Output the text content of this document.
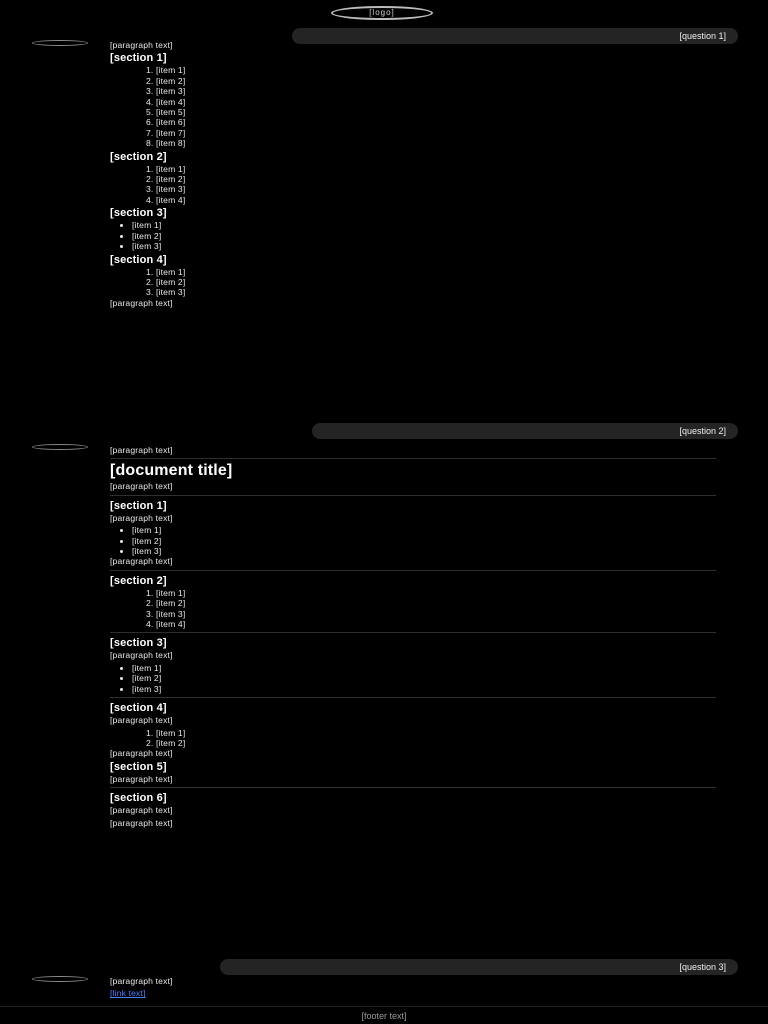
[logo]
[question 1]

[paragraph text]

[section 1]
1. [item 1]
2. [item 2]
3. [item 3]
4. [item 4]
5. [item 5]
6. [item 6]
7. [item 7]
8. [item 8]
[section 2]
1. [item 1]
2. [item 2]
3. [item 3]
4. [item 4]
[section 3]
• [item 1]
• [item 2]
• [item 3]
[section 4]
1. [item 1]
2. [item 2]
3. [item 3]

[paragraph text]

[question 2]

[paragraph text]

[document title]

[paragraph text]

[section 1]

[paragraph text]

• [item 1]
• [item 2]
• [item 3]

[paragraph text]

[section 2]
1. [item 1]
2. [item 2]
3. [item 3]
4. [item 4]
[section 3]

[paragraph text]

• [item 1]
• [item 2]
• [item 3]
[section 4]

[paragraph text]

1. [item 1]
2. [item 2]

[paragraph text]

[section 5]

[paragraph text]

[section 6]

[paragraph text]

[paragraph text]

[question 3]

[paragraph text]

[link text]

[footer text]
